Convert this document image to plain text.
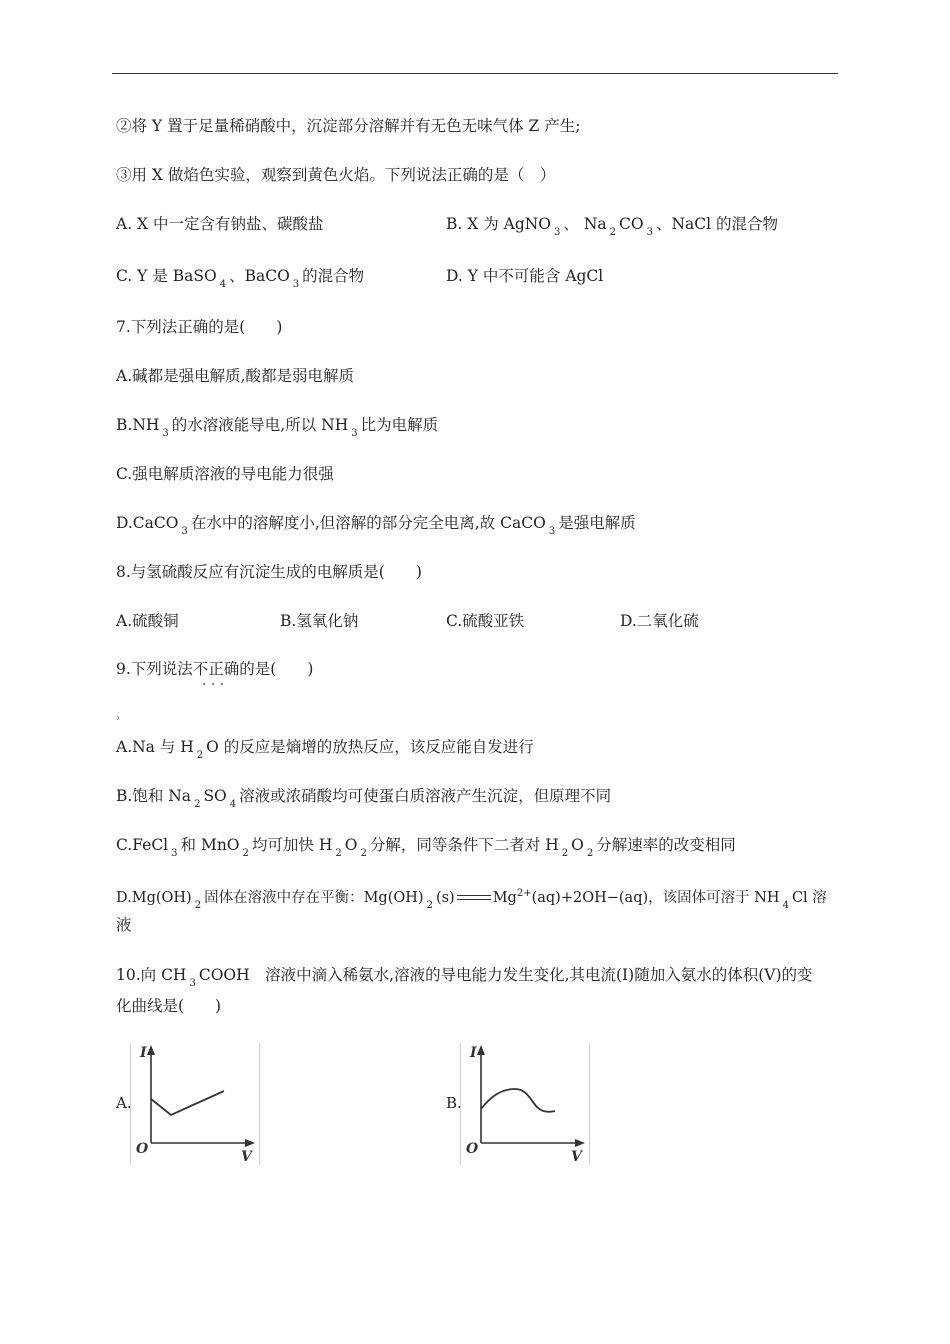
②将 Y 置于足量稀硝酸中，沉淀部分溶解并有无色无味气体 Z 产生;
③用 X 做焰色实验，观察到黄色火焰。下列说法正确的是（　）
A. X 中一定含有钠盐、碳酸盐	B. X 为 AgNO $_3$ 、 Na $_2$ CO $_3$ 、NaCl 的混合物
C. Y 是 BaSO $_4$ 、BaCO $_3$ 的混合物	D. Y 中不可能含 AgCl
7.下列法正确的是(　　)
A.碱都是强电解质,酸都是弱电解质
B.NH $_3$ 的水溶液能导电,所以 NH $_3$ 比为电解质
C.强电解质溶液的导电能力很强
D.CaCO $_3$ 在水中的溶解度小,但溶解的部分完全电离,故 CaCO $_3$ 是强电解质
8.与氢硫酸反应有沉淀生成的电解质是(　　)
A.硫酸铜	B.氢氧化钠	C.硫酸亚铁	D.二氧化硫
9.下列说法不正确的是(　　)
· · ·
›
A.Na 与 H $_2$ O 的反应是熵增的放热反应，该反应能自发进行
B.饱和 Na $_2$ SO $_4$ 溶液或浓硝酸均可使蛋白质溶液产生沉淀，但原理不同
C.FeCl $_3$ 和 MnO $_2$ 均可加快 H $_2$ O $_2$ 分解，同等条件下二者对 H $_2$ O $_2$ 分解速率的改变相同
D.Mg(OH) $_2$ 固体在溶液中存在平衡：Mg(OH) $_2$ (s)	$Mg^{2+}(aq)+2OH-(aq)$，该固体可溶于 NH $_4$ Cl 溶
液
10.向 CH $_3$ COOH　溶液中滴入稀氨水,溶液的导电能力发生变化,其电流(I)随加入氨水的体积(V)的变
化曲线是(　　)
A.
I
V
O
B.
I
V
O
